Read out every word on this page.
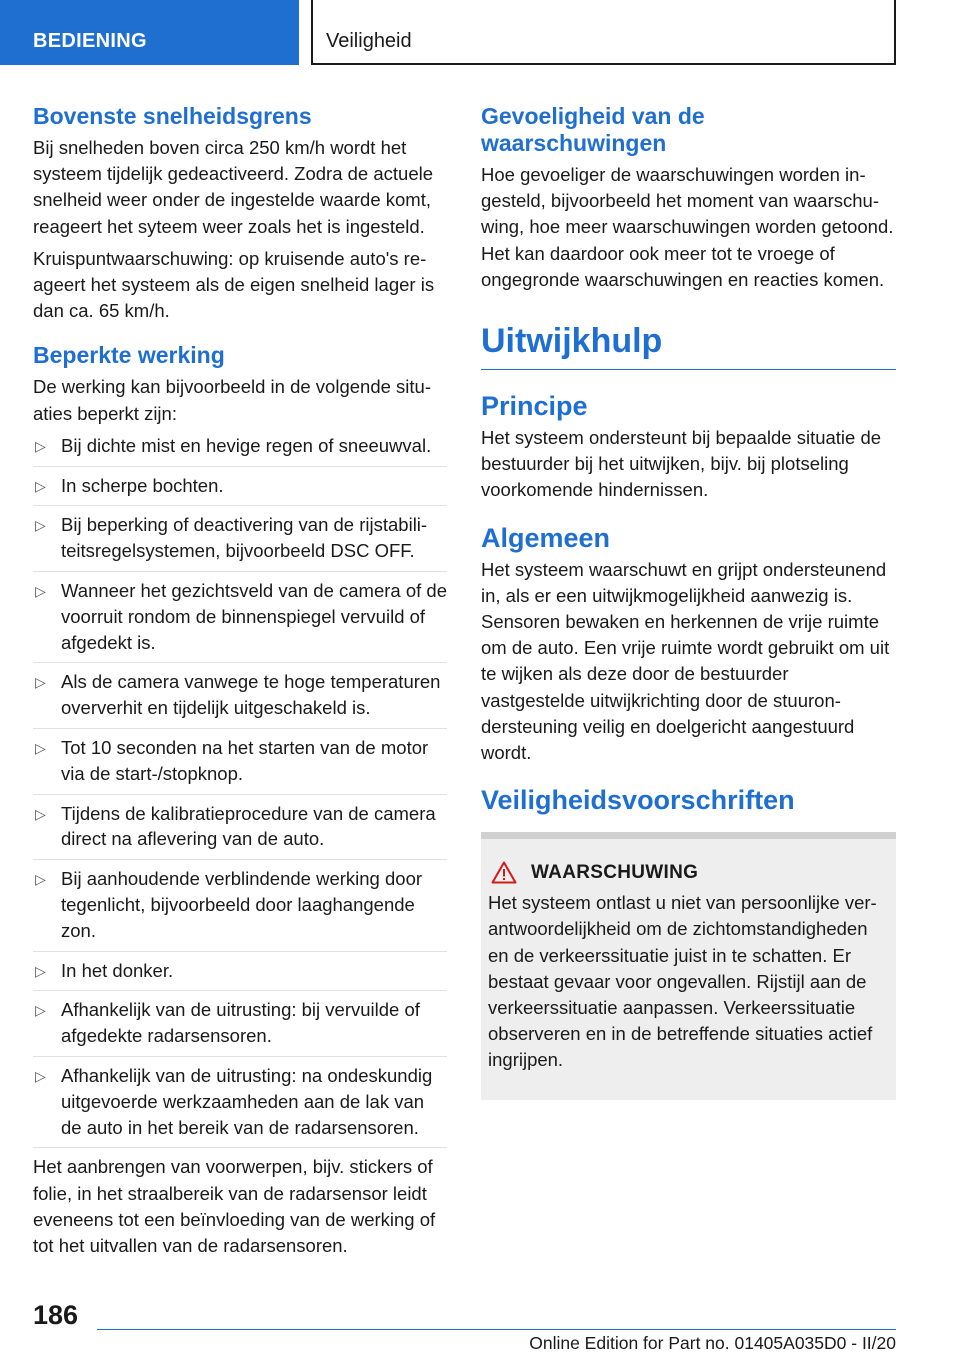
BEDIENING	Veiligheid
Bovenste snelheidsgrens
Bij snelheden boven circa 250 km/h wordt het systeem tijdelijk gedeactiveerd. Zodra de actuele snelheid weer onder de ingestelde waarde komt, reageert het syteem weer zoals het is ingesteld.
Kruispuntwaarschuwing: op kruisende auto's reageert het systeem als de eigen snelheid lager is dan ca. 65 km/h.
Beperkte werking
De werking kan bijvoorbeeld in de volgende situaties beperkt zijn:
▷ Bij dichte mist en hevige regen of sneeuwval.
▷ In scherpe bochten.
▷ Bij beperking of deactivering van de rijstabiliteitsregelsystemen, bijvoorbeeld DSC OFF.
▷ Wanneer het gezichtsveld van de camera of de voorruit rondom de binnenspiegel vervuild of afgedekt is.
▷ Als de camera vanwege te hoge temperaturen oververhit en tijdelijk uitgeschakeld is.
▷ Tot 10 seconden na het starten van de motor via de start-/stopknop.
▷ Tijdens de kalibratieprocedure van de camera direct na aflevering van de auto.
▷ Bij aanhoudende verblindende werking door tegenlicht, bijvoorbeeld door laaghangende zon.
▷ In het donker.
▷ Afhankelijk van de uitrusting: bij vervuilde of afgedekte radarsensoren.
▷ Afhankelijk van de uitrusting: na ondeskundig uitgevoerde werkzaamheden aan de lak van de auto in het bereik van de radarsensoren.
Het aanbrengen van voorwerpen, bijv. stickers of folie, in het straalbereik van de radarsensor leidt eveneens tot een beïnvloeding van de werking of tot het uitvallen van de radarsensoren.
Gevoeligheid van de waarschuwingen
Hoe gevoeliger de waarschuwingen worden ingesteld, bijvoorbeeld het moment van waarschuwing, hoe meer waarschuwingen worden getoond. Het kan daardoor ook meer tot te vroege of ongegronde waarschuwingen en reacties komen.
Uitwijkhulp
Principe
Het systeem ondersteunt bij bepaalde situatie de bestuurder bij het uitwijken, bijv. bij plotseling voorkomende hindernissen.
Algemeen
Het systeem waarschuwt en grijpt ondersteunend in, als er een uitwijkmogelijkheid aanwezig is. Sensoren bewaken en herkennen de vrije ruimte om de auto. Een vrije ruimte wordt gebruikt om uit te wijken als deze door de bestuurder vastgestelde uitwijkrichting door de stuurondersteuning veilig en doelgericht aangestuurd wordt.
Veiligheidsvoorschriften
WAARSCHUWING
Het systeem ontlast u niet van persoonlijke verantwoordelijkheid om de zichtomstandigheden en de verkeerssituatie juist in te schatten. Er bestaat gevaar voor ongevallen. Rijstijl aan de verkeerssituatie aanpassen. Verkeerssituatie observeren en in de betreffende situaties actief ingrijpen.
186
Online Edition for Part no. 01405A035D0 - II/20
